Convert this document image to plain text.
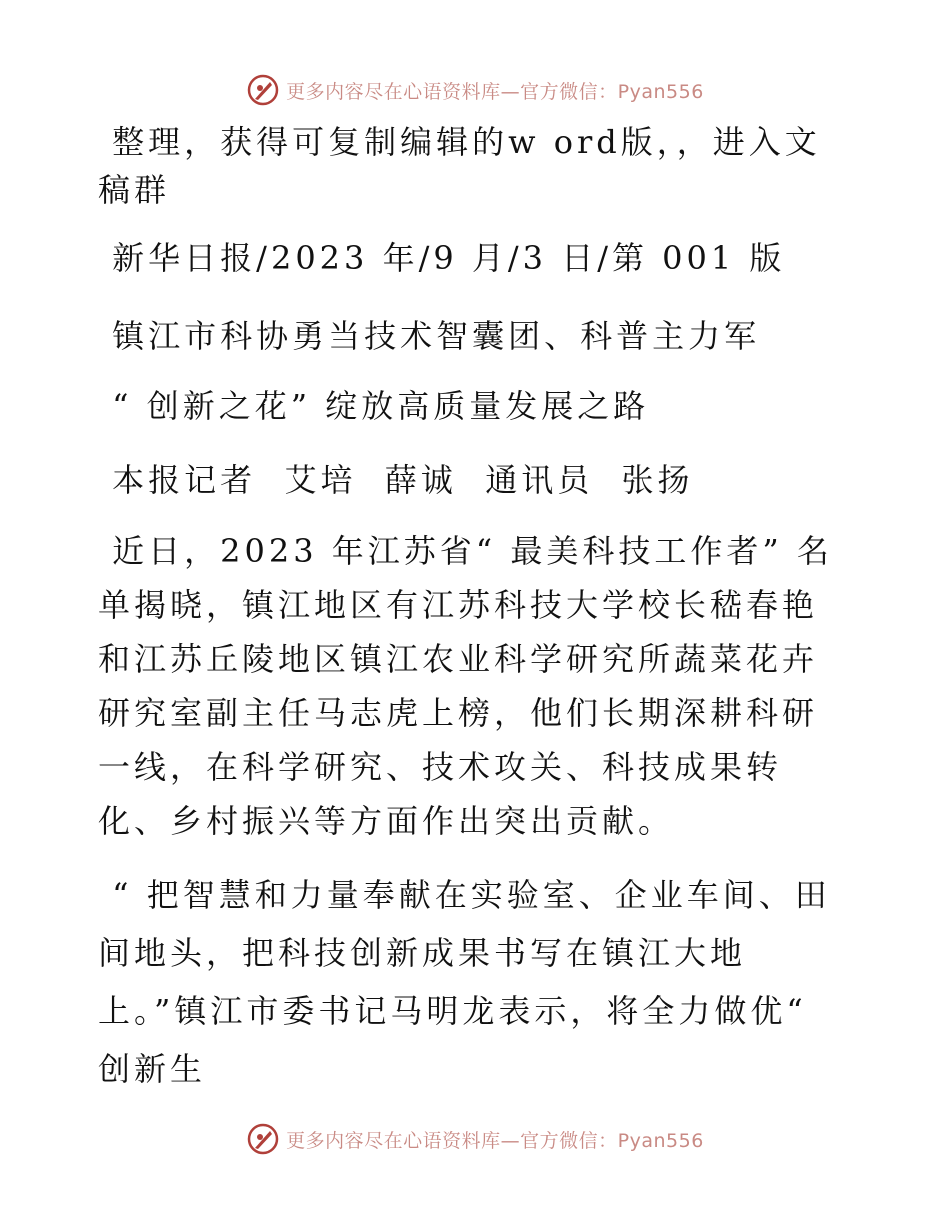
更多内容尽在心语资料库—官方微信：Pyan556

整理，获得可复制编辑的w ord版，，进入文稿群

新华日报/2023 年/9 月/3 日/第 001 版

镇江市科协勇当技术智囊团、科普主力军

“ 创新之花” 绽放高质量发展之路

本报记者  艾培  薛诚  通讯员  张扬

近日，2023 年江苏省“ 最美科技工作者” 名单揭晓，镇江地区有江苏科技大学校长嵇春艳和江苏丘陵地区镇江农业科学研究所蔬菜花卉研究室副主任马志虎上榜，他们长期深耕科研一线，在科学研究、技术攻关、科技成果转化、乡村振兴等方面作出突出贡献。

“ 把智慧和力量奉献在实验室、企业车间、田间地头，把科技创新成果书写在镇江大地上。”镇江市委书记马明龙表示，将全力做优“ 创新生

更多内容尽在心语资料库—官方微信：Pyan556
